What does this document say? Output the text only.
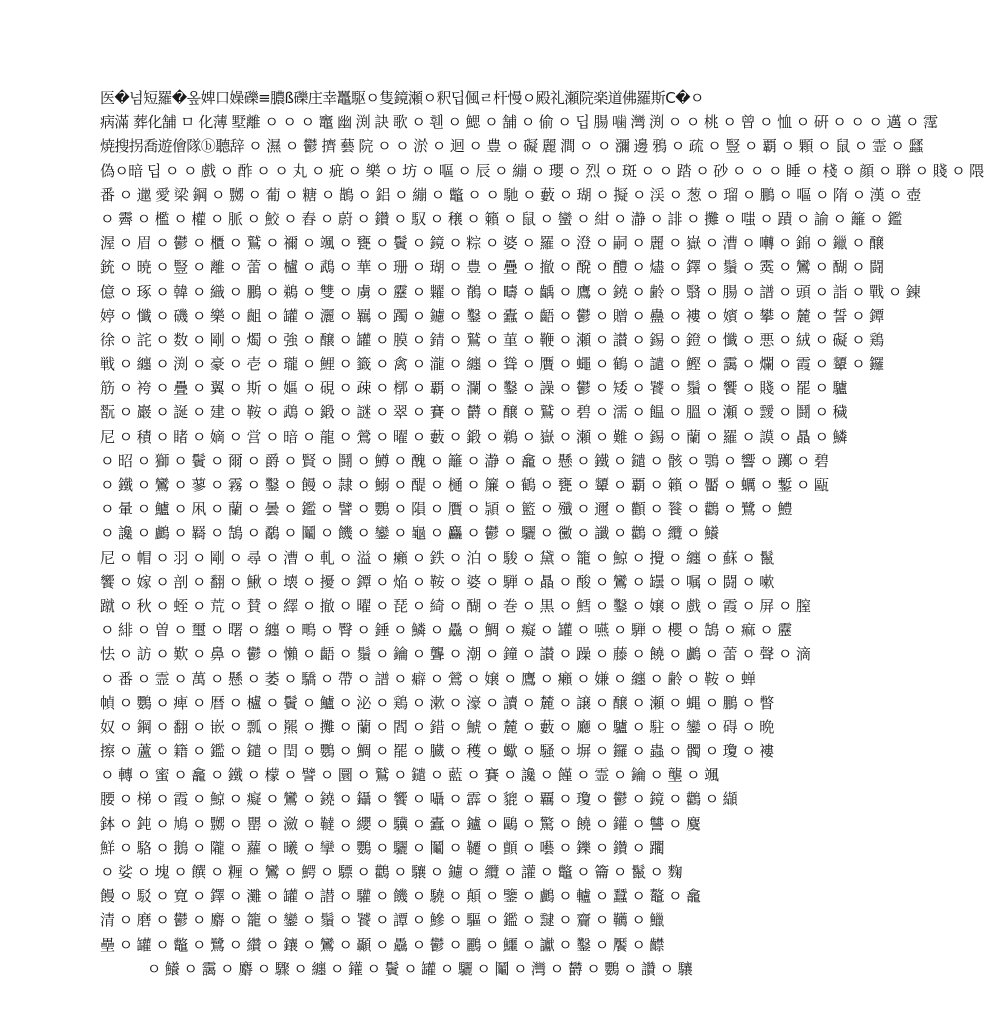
医�넘短羅�옾婢口嬠礫≡膿ß礫庄幸鼉駆ㅇ隻鏡瀬ㅇ釈딥偑ㄹ杆慢ㅇ殿礼瀬院楽道佛羅斯C�ㅇ
病滿 葬化舗 ㅁ 化薄 墅離 ㅇ ㅇ ㅇ 竈 幽 渕 訣 歌 ㅇ 휀 ㅇ 鰓 ㅇ 舗 ㅇ 偷 ㅇ 딥 腸 噛 灣 渕 ㅇ ㅇ 桃 ㅇ 曾 ㅇ 恤 ㅇ 硏 ㅇ ㅇ ㅇ 邁 ㅇ 霪
焼搜拐喬遊儈隊ⓑ聽辞 ㅇ 濕 ㅇ 鬱 擠 藝 院 ㅇ ㅇ 淤 ㅇ 迴 ㅇ 豊 ㅇ 礙 麗 澗 ㅇ ㅇ 瀰 邊 鴉 ㅇ 疏 ㅇ 豎 ㅇ 覇 ㅇ 顆 ㅇ 鼠 ㅇ 霊 ㅇ 瓥
偽ㅇ暗 딥 ㅇ ㅇ 戲 ㅇ 酢 ㅇ ㅇ 丸 ㅇ 疵 ㅇ 樂 ㅇ 坊 ㅇ 嘔 ㅇ 辰 ㅇ 繃 ㅇ 瓔 ㅇ 烈 ㅇ 斑 ㅇ ㅇ 踏 ㅇ 砂 ㅇ ㅇ ㅇ 睡 ㅇ 棧 ㅇ 顔 ㅇ 聨 ㅇ 賤 ㅇ 隈
番 ㅇ 邋 愛 梁 鋼 ㅇ 嬲 ㅇ 葡 ㅇ 糖 ㅇ 鵲 ㅇ 鋁 ㅇ 繃 ㅇ 鼈 ㅇ ㅇ 馳 ㅇ 藪 ㅇ 瑚 ㅇ 擬 ㅇ 渓 ㅇ 葱 ㅇ 瑠 ㅇ 鵬 ㅇ 嘔 ㅇ 隋 ㅇ 漢 ㅇ 壺
ㅇ 霽 ㅇ 檻 ㅇ 權 ㅇ 脈 ㅇ 鮫 ㅇ 舂 ㅇ 蔚 ㅇ 鑽 ㅇ 馭 ㅇ 穣 ㅇ 籟 ㅇ 鼠 ㅇ 蠻 ㅇ 紺 ㅇ 瀞 ㅇ 誹 ㅇ 攤 ㅇ 嗤 ㅇ 蹟 ㅇ 諭 ㅇ 籬 ㅇ 鑑
渥 ㅇ 眉 ㅇ 鬱 ㅇ 櫃 ㅇ 鷲 ㅇ 禰 ㅇ 颯 ㅇ 甕 ㅇ 鬢 ㅇ 鏡 ㅇ 粽 ㅇ 婆 ㅇ 羅 ㅇ 澄 ㅇ 嗣 ㅇ 麗 ㅇ 嶽 ㅇ 漕 ㅇ 囀 ㅇ 錦 ㅇ 鑞 ㅇ 醸
銃 ㅇ 暁 ㅇ 豎 ㅇ 離 ㅇ 蕾 ㅇ 櫨 ㅇ 鵡 ㅇ 華 ㅇ 珊 ㅇ 瑚 ㅇ 豊 ㅇ 疊 ㅇ 撤 ㅇ 醗 ㅇ 醴 ㅇ 燼 ㅇ 鐸 ㅇ 鬚 ㅇ 霙 ㅇ 鸞 ㅇ 醐 ㅇ 闘
億 ㅇ 琢 ㅇ 韓 ㅇ 織 ㅇ 鵬 ㅇ 鵜 ㅇ 雙 ㅇ 虜 ㅇ 靂 ㅇ 糶 ㅇ 鶺 ㅇ 疇 ㅇ 齲 ㅇ 鷹 ㅇ 鐃 ㅇ 齢 ㅇ 翳 ㅇ 腸 ㅇ 譜 ㅇ 頭 ㅇ 詣 ㅇ 戰 ㅇ 錬
婷 ㅇ 懺 ㅇ 磯 ㅇ 樂 ㅇ 齟 ㅇ 罐 ㅇ 灑 ㅇ 羈 ㅇ 躅 ㅇ 鑢 ㅇ 鑿 ㅇ 蠹 ㅇ 齬 ㅇ 鬱 ㅇ 贈 ㅇ 蠱 ㅇ 褸 ㅇ 嬪 ㅇ 攀 ㅇ 麓 ㅇ 誓 ㅇ 鐔
徐 ㅇ 詫 ㅇ 数 ㅇ 剛 ㅇ 燭 ㅇ 強 ㅇ 醸 ㅇ 罐 ㅇ 膜 ㅇ 錆 ㅇ 鷲 ㅇ 菫 ㅇ 鞭 ㅇ 瀬 ㅇ 讃 ㅇ 錫 ㅇ 鐙 ㅇ 懺 ㅇ 悪 ㅇ 絨 ㅇ 礙 ㅇ 鶏
戦 ㅇ 纏 ㅇ 渕 ㅇ 豪 ㅇ 壱 ㅇ 瓏 ㅇ 鯉 ㅇ 籤 ㅇ 禽 ㅇ 瀧 ㅇ 纏 ㅇ 聳 ㅇ 贋 ㅇ 蠅 ㅇ 鶴 ㅇ 譴 ㅇ 鰹 ㅇ 靄 ㅇ 爛 ㅇ 霞 ㅇ 顰 ㅇ 鑼
筋 ㅇ 袴 ㅇ 疊 ㅇ 翼 ㅇ 斯 ㅇ 嫗 ㅇ 硯 ㅇ 疎 ㅇ 槨 ㅇ 覇 ㅇ 瀾 ㅇ 鑿 ㅇ 譟 ㅇ 鬱 ㅇ 矮 ㅇ 饕 ㅇ 鬚 ㅇ 饗 ㅇ 賤 ㅇ 罷 ㅇ 驢
翫 ㅇ 巖 ㅇ 誕 ㅇ 建 ㅇ 鞍 ㅇ 鵡 ㅇ 鍛 ㅇ 謎 ㅇ 翠 ㅇ 賽 ㅇ 欝 ㅇ 醸 ㅇ 鷲 ㅇ 碧 ㅇ 濡 ㅇ 饂 ㅇ 膃 ㅇ 瀬 ㅇ 靉 ㅇ 鬪 ㅇ 穢
尼 ㅇ 積 ㅇ 睹 ㅇ 嫡 ㅇ 営 ㅇ 暗 ㅇ 龍 ㅇ 鶯 ㅇ 曜 ㅇ 藪 ㅇ 鍛 ㅇ 鵜 ㅇ 嶽 ㅇ 瀬 ㅇ 難 ㅇ 錫 ㅇ 蘭 ㅇ 羅 ㅇ 謨 ㅇ 贔 ㅇ 鱗
ㅇ 昭 ㅇ 獅 ㅇ 鬢 ㅇ 爾 ㅇ 爵 ㅇ 賢 ㅇ 鬪 ㅇ 鱒 ㅇ 醜 ㅇ 籬 ㅇ 瀞 ㅇ 龕 ㅇ 懸 ㅇ 鐵 ㅇ 鑓 ㅇ 骸 ㅇ 鶚 ㅇ 響 ㅇ 躑 ㅇ 碧
ㅇ 鐵 ㅇ 鸞 ㅇ 蓼 ㅇ 霧 ㅇ 鑿 ㅇ 饅 ㅇ 隷 ㅇ 鰯 ㅇ 醍 ㅇ 樋 ㅇ 簾 ㅇ 鶴 ㅇ 甕 ㅇ 顰 ㅇ 覇 ㅇ 籟 ㅇ 靨 ㅇ 蠣 ㅇ 鏨 ㅇ 甌
ㅇ 暈 ㅇ 鱸 ㅇ 凩 ㅇ 蘭 ㅇ 曇 ㅇ 鑑 ㅇ 譬 ㅇ 鸚 ㅇ 隕 ㅇ 贋 ㅇ 頴 ㅇ 籃 ㅇ 殲 ㅇ 邇 ㅇ 顴 ㅇ 餮 ㅇ 鸛 ㅇ 鷺 ㅇ 鱧
ㅇ 讒 ㅇ 鸕 ㅇ 羇 ㅇ 鵠 ㅇ 鷸 ㅇ 鬮 ㅇ 饑 ㅇ 鑾 ㅇ 龜 ㅇ 麤 ㅇ 鬱 ㅇ 驪 ㅇ 黴 ㅇ 讖 ㅇ 鸛 ㅇ 纜 ㅇ 鱶
尼 ㅇ 帽 ㅇ 羽 ㅇ 剛 ㅇ 尋 ㅇ 漕 ㅇ 軋 ㅇ 溢 ㅇ 癩 ㅇ 鉄 ㅇ 泊 ㅇ 駿 ㅇ 黛 ㅇ 籠 ㅇ 鯨 ㅇ 攪 ㅇ 纏 ㅇ 蘇 ㅇ 鬣
饗 ㅇ 嫁 ㅇ 剖 ㅇ 翻 ㅇ 鰍 ㅇ 壊 ㅇ 擾 ㅇ 鐔 ㅇ 焔 ㅇ 鞍 ㅇ 婆 ㅇ 騨 ㅇ 贔 ㅇ 酸 ㅇ 鸞 ㅇ 罎 ㅇ 嘱 ㅇ 闘 ㅇ 嗽
蹴 ㅇ 秋 ㅇ 蛭 ㅇ 荒 ㅇ 賛 ㅇ 繹 ㅇ 撤 ㅇ 曜 ㅇ 琵 ㅇ 綺 ㅇ 醐 ㅇ 巻 ㅇ 黒 ㅇ 鱈 ㅇ 鑿 ㅇ 嬢 ㅇ 戲 ㅇ 霞 ㅇ 屏 ㅇ 膣
ㅇ 緋 ㅇ 曽 ㅇ 璽 ㅇ 曙 ㅇ 纏 ㅇ 鴫 ㅇ 臀 ㅇ 錘 ㅇ 鱗 ㅇ 驫 ㅇ 鯛 ㅇ 癡 ㅇ 罐 ㅇ 嚥 ㅇ 騨 ㅇ 櫻 ㅇ 鵠 ㅇ 痲 ㅇ 靂
怯 ㅇ 訪 ㅇ 歎 ㅇ 鼻 ㅇ 鬱 ㅇ 懶 ㅇ 齬 ㅇ 鬚 ㅇ 鑰 ㅇ 聾 ㅇ 潮 ㅇ 鐘 ㅇ 讃 ㅇ 躁 ㅇ 藤 ㅇ 饒 ㅇ 鸕 ㅇ 蕾 ㅇ 聲 ㅇ 滴
ㅇ 番 ㅇ 霊 ㅇ 萬 ㅇ 懸 ㅇ 萎 ㅇ 驕 ㅇ 帶 ㅇ 譜 ㅇ 癖 ㅇ 鶯 ㅇ 嬢 ㅇ 鷹 ㅇ 癩 ㅇ 嫌 ㅇ 纏 ㅇ 齢 ㅇ 鞍 ㅇ 蝉
幀 ㅇ 鸚 ㅇ 痺 ㅇ 暦 ㅇ 櫨 ㅇ 鬢 ㅇ 鱸 ㅇ 泌 ㅇ 鶏 ㅇ 漱 ㅇ 濠 ㅇ 讀 ㅇ 麓 ㅇ 譲 ㅇ 醸 ㅇ 瀬 ㅇ 蝿 ㅇ 鵬 ㅇ 瞥
奴 ㅇ 鋼 ㅇ 翻 ㅇ 嵌 ㅇ 瓢 ㅇ 羆 ㅇ 攤 ㅇ 蘭 ㅇ 閻 ㅇ 錯 ㅇ 鯱 ㅇ 麓 ㅇ 藪 ㅇ 廳 ㅇ 驢 ㅇ 駐 ㅇ 鑾 ㅇ 碍 ㅇ 晩
擦 ㅇ 蘆 ㅇ 籍 ㅇ 鑑 ㅇ 鑓 ㅇ 閏 ㅇ 鸚 ㅇ 鯛 ㅇ 罷 ㅇ 臓 ㅇ 穫 ㅇ 蠍 ㅇ 騒 ㅇ 塀 ㅇ 鑼 ㅇ 蟲 ㅇ 髑 ㅇ 瓊 ㅇ 褸
ㅇ 轉 ㅇ 蜜 ㅇ 龕 ㅇ 鐵 ㅇ 檬 ㅇ 譬 ㅇ 圜 ㅇ 鷲 ㅇ 鑓 ㅇ 藍 ㅇ 賽 ㅇ 讒 ㅇ 饉 ㅇ 霊 ㅇ 鑰 ㅇ 壟 ㅇ 颯
腰 ㅇ 梯 ㅇ 霞 ㅇ 鯨 ㅇ 癡 ㅇ 鸞 ㅇ 鐃 ㅇ 鑷 ㅇ 饗 ㅇ 囁 ㅇ 霹 ㅇ 貔 ㅇ 覊 ㅇ 瓊 ㅇ 鬱 ㅇ 鏡 ㅇ 鸛 ㅇ 纈
鉢 ㅇ 鈍 ㅇ 鳩 ㅇ 嬲 ㅇ 罌 ㅇ 瀲 ㅇ 韃 ㅇ 纓 ㅇ 驥 ㅇ 蠹 ㅇ 鑪 ㅇ 鷗 ㅇ 驚 ㅇ 饒 ㅇ 鑵 ㅇ 讐 ㅇ 麌
鮮 ㅇ 駱 ㅇ 鵝 ㅇ 隴 ㅇ 蘿 ㅇ 曦 ㅇ 攣 ㅇ 鸚 ㅇ 驪 ㅇ 鬮 ㅇ 韆 ㅇ 顫 ㅇ 囈 ㅇ 鑠 ㅇ 鑽 ㅇ 躙
ㅇ 娑 ㅇ 塊 ㅇ 饌 ㅇ 糎 ㅇ 鸞 ㅇ 鰐 ㅇ 驃 ㅇ 鸛 ㅇ 驤 ㅇ 鑢 ㅇ 纜 ㅇ 讙 ㅇ 鼈 ㅇ 籥 ㅇ 鬣 ㅇ 麴
饅 ㅇ 駁 ㅇ 寬 ㅇ 鐸 ㅇ 灘 ㅇ 罐 ㅇ 譛 ㅇ 驩 ㅇ 饑 ㅇ 驍 ㅇ 顛 ㅇ 鑒 ㅇ 鸕 ㅇ 轤 ㅇ 蠶 ㅇ 鼇 ㅇ 龕
清 ㅇ 磨 ㅇ 鬱 ㅇ 麝 ㅇ 籠 ㅇ 鑾 ㅇ 鬚 ㅇ 饕 ㅇ 譚 ㅇ 鰺 ㅇ 驅 ㅇ 鑑 ㅇ 靆 ㅇ 齎 ㅇ 韉 ㅇ 鱲
壘 ㅇ 罐 ㅇ 鼈 ㅇ 鷺 ㅇ 纘 ㅇ 鑲 ㅇ 鸞 ㅇ 顳 ㅇ 驫 ㅇ 鬱 ㅇ 鸝 ㅇ 鱷 ㅇ 讞 ㅇ 鑿 ㅇ 饜 ㅇ 齽
ㅇ 鱶 ㅇ 靄 ㅇ 麝 ㅇ 驟 ㅇ 纏 ㅇ 鑵 ㅇ 鬢 ㅇ 罐 ㅇ 驪 ㅇ 鬮 ㅇ 灣 ㅇ 欝 ㅇ 鸚 ㅇ 讚 ㅇ 驤
